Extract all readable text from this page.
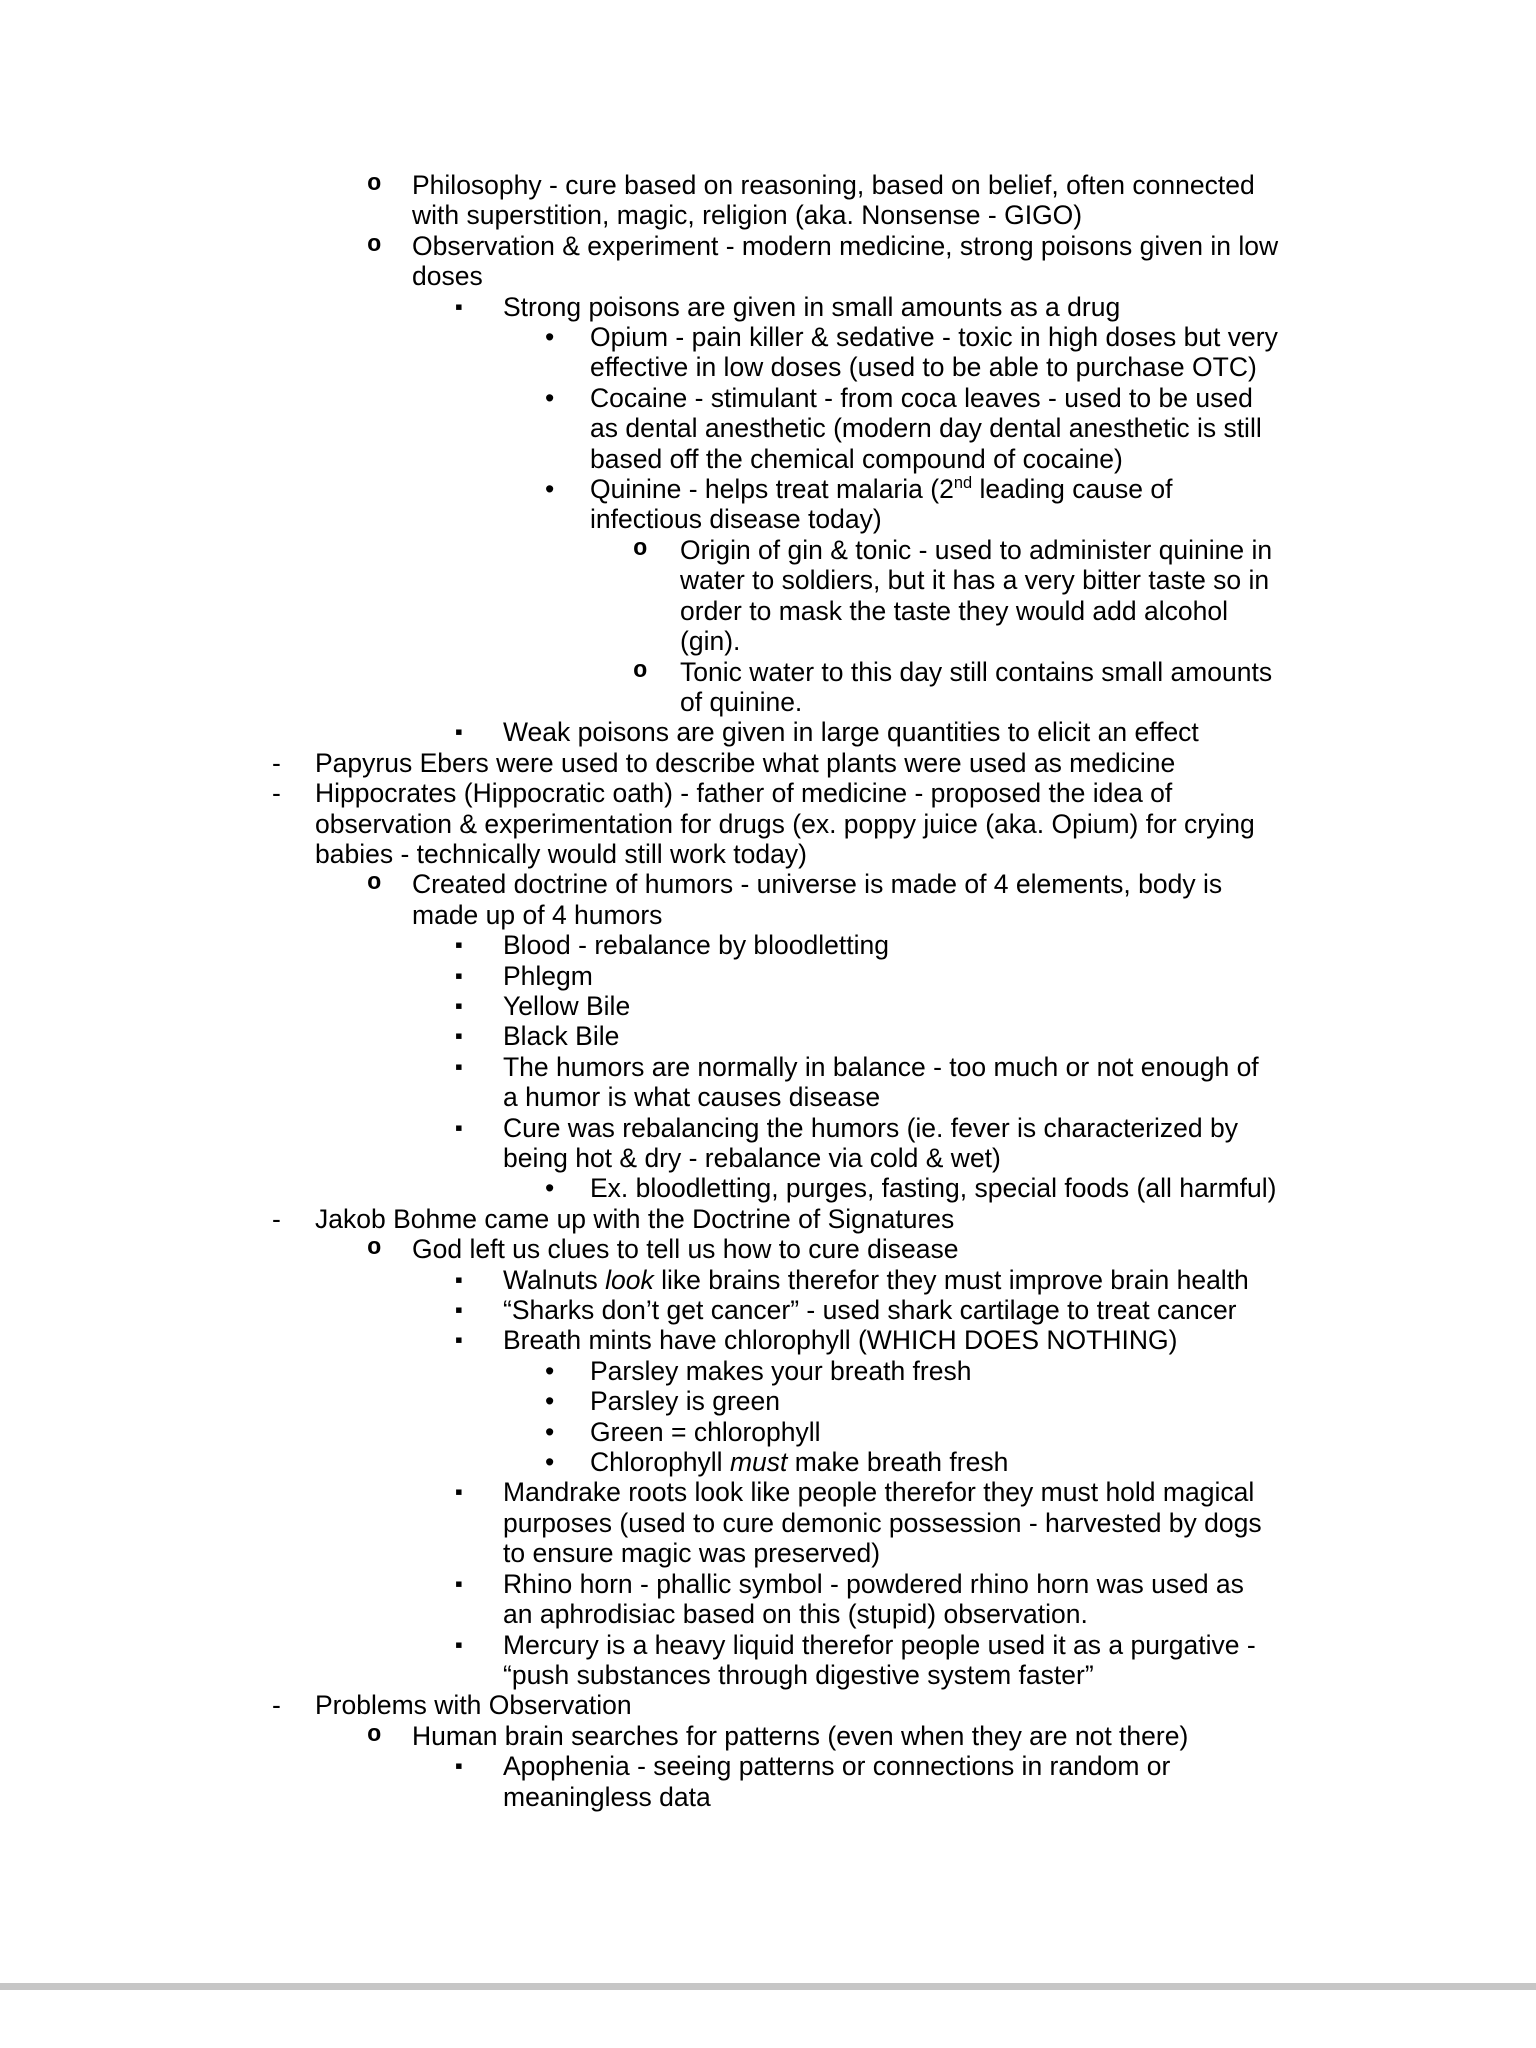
o Philosophy - cure based on reasoning, based on belief, often connected with superstition, magic, religion (aka. Nonsense - GIGO)
o Observation & experiment - modern medicine, strong poisons given in low doses
▪ Strong poisons are given in small amounts as a drug
• Opium - pain killer & sedative - toxic in high doses but very effective in low doses (used to be able to purchase OTC)
• Cocaine - stimulant - from coca leaves - used to be used as dental anesthetic (modern day dental anesthetic is still based off the chemical compound of cocaine)
• Quinine - helps treat malaria (2nd leading cause of infectious disease today)
o Origin of gin & tonic - used to administer quinine in water to soldiers, but it has a very bitter taste so in order to mask the taste they would add alcohol (gin).
o Tonic water to this day still contains small amounts of quinine.
▪ Weak poisons are given in large quantities to elicit an effect
- Papyrus Ebers were used to describe what plants were used as medicine
- Hippocrates (Hippocratic oath) - father of medicine - proposed the idea of observation & experimentation for drugs (ex. poppy juice (aka. Opium) for crying babies - technically would still work today)
o Created doctrine of humors - universe is made of 4 elements, body is made up of 4 humors
▪ Blood - rebalance by bloodletting
▪ Phlegm
▪ Yellow Bile
▪ Black Bile
▪ The humors are normally in balance - too much or not enough of a humor is what causes disease
▪ Cure was rebalancing the humors (ie. fever is characterized by being hot & dry - rebalance via cold & wet)
• Ex. bloodletting, purges, fasting, special foods (all harmful)
- Jakob Bohme came up with the Doctrine of Signatures
o God left us clues to tell us how to cure disease
▪ Walnuts look like brains therefor they must improve brain health
▪ “Sharks don’t get cancer” - used shark cartilage to treat cancer
▪ Breath mints have chlorophyll (WHICH DOES NOTHING)
• Parsley makes your breath fresh
• Parsley is green
• Green = chlorophyll
• Chlorophyll must make breath fresh
▪ Mandrake roots look like people therefor they must hold magical purposes (used to cure demonic possession - harvested by dogs to ensure magic was preserved)
▪ Rhino horn - phallic symbol - powdered rhino horn was used as an aphrodisiac based on this (stupid) observation.
▪ Mercury is a heavy liquid therefor people used it as a purgative - “push substances through digestive system faster”
- Problems with Observation
o Human brain searches for patterns (even when they are not there)
▪ Apophenia - seeing patterns or connections in random or meaningless data
